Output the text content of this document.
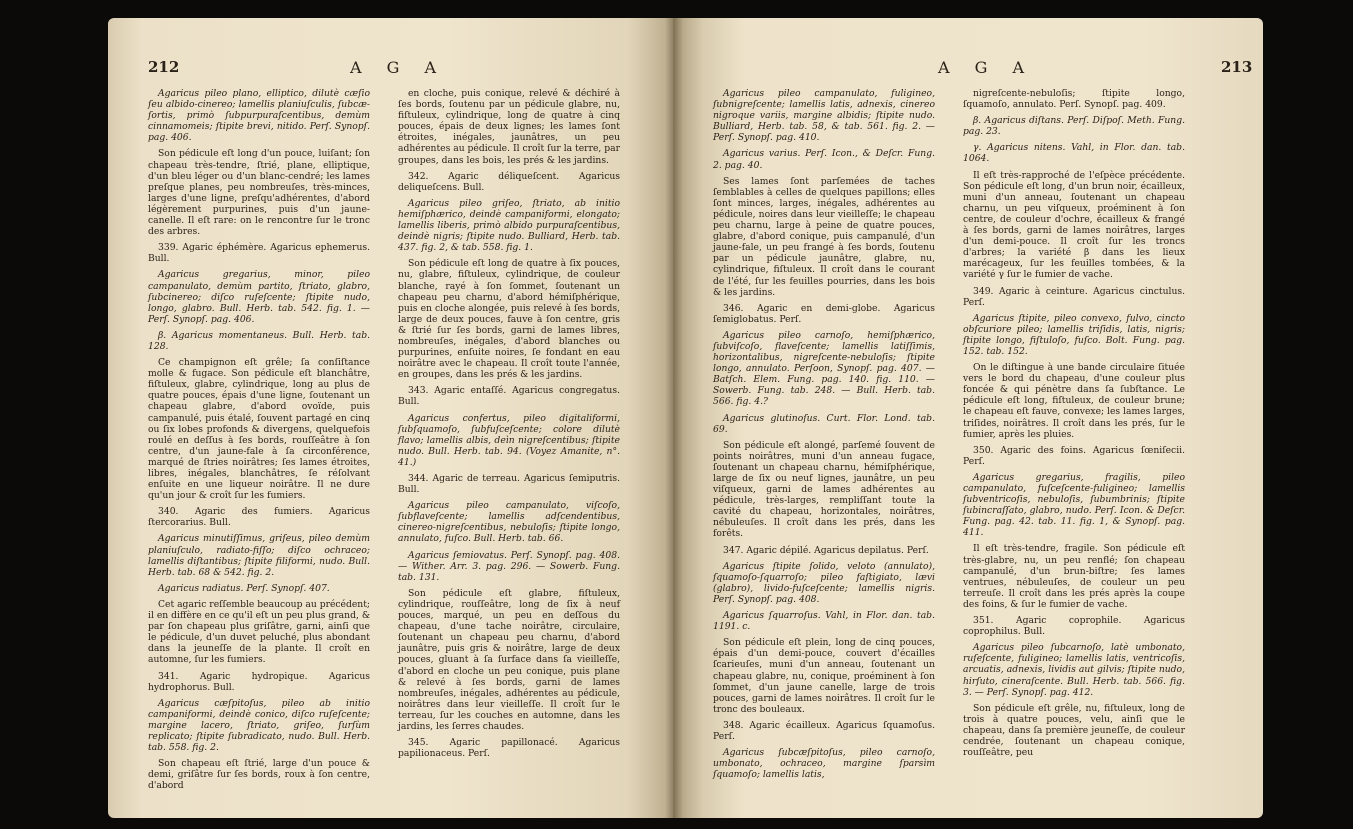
212	A G A

Agaricus pileo plano, elliptico, dilutè cæſio ſeu albido-cinereo; lamellis planiuſculis, ſubcæ-ſortis, primò ſubpurpuraſcentibus, demùm cinnamomeis; ſtipite brevi, nitido. Perſ. Synopſ. pag. 406.

Son pédicule eſt long d'un pouce, luiſant; ſon chapeau très-tendre, ſtrié, plane, elliptique, d'un bleu léger ou d'un blanc-cendré; les lames preſque planes, peu nombreuſes, très-minces, larges d'une ligne, preſqu'adhérentes, d'abord légèrement purpurines, puis d'un jaune-canelle. Il eſt rare: on le rencontre ſur le tronc des arbres.

339. Agaric éphémère. Agaricus ephemerus. Bull.

Agaricus gregarius, minor, pileo campanulato, demùm partito, ſtriato, glabro, ſubcinereo; diſco ruſeſcente; ſtipite nudo, longo, glabro. Bull. Herb. tab. 542. fig. 1. — Perſ. Synopſ. pag. 406.

β. Agaricus momentaneus. Bull. Herb. tab. 128.

Ce champignon eſt grêle; ſa conſiſtance molle & fugace. Son pédicule eſt blanchâtre, fiſtuleux, glabre, cylindrique, long au plus de quatre pouces, épais d'une ligne, ſoutenant un chapeau glabre, d'abord ovoïde, puis campanulé, puis étalé, ſouvent partagé en cinq ou ſix lobes profonds & divergens, quelquefois roulé en deſſus à ſes bords, rouſſeâtre à ſon centre, d'un jaune-fale à ſa circonférence, marqué de ſtries noirâtres; ſes lames étroites, libres, inégales, blanchâtres, ſe réſolvant enſuite en une liqueur noirâtre. Il ne dure qu'un jour & croît ſur les fumiers.

340. Agaric des fumiers. Agaricus ſtercorarius. Bull.

Agaricus minutiſſimus, griſeus, pileo demùm planiuſculo, radiato-fiſſo; diſco ochraceo; lamellis diſtantibus; ſtipite filiformi, nudo. Bull. Herb. tab. 68 & 542. fig. 2.

Agaricus radiatus. Perſ. Synopſ. 407.

Cet agaric reſſemble beaucoup au précédent; il en diffère en ce qu'il eſt un peu plus grand, & par ſon chapeau plus griſâtre, garni, ainſi que le pédicule, d'un duvet peluché, plus abondant dans la jeuneſſe de la plante. Il croît en automne, ſur les fumiers.

341. Agaric hydropique. Agaricus hydrophorus. Bull.

Agaricus cæſpitoſus, pileo ab initio campaniformi, deindè conico, diſco ruſeſcente; margine lacero, ſtriato, griſeo, ſurſùm replicato; ſtipite ſubradicato, nudo. Bull. Herb. tab. 558. fig. 2.

Son chapeau eſt ſtrié, large d'un pouce & demi, griſâtre ſur ſes bords, roux à ſon centre, d'abord

en cloche, puis conique, relevé & déchiré à ſes bords, ſoutenu par un pédicule glabre, nu, fiſtuleux, cylindrique, long de quatre à cinq pouces, épais de deux lignes; les lames ſont étroites, inégales, jaunâtres, un peu adhérentes au pédicule. Il croît ſur la terre, par groupes, dans les bois, les prés & les jardins.

342. Agaric déliqueſcent. Agaricus deliqueſcens. Bull.

Agaricus pileo griſeo, ſtriato, ab initio hemiſphærico, deindè campaniformi, elongato; lamellis liberis, primò albido purpuraſcentibus, deindè nigris; ſtipite nudo. Bulliard, Herb. tab. 437. fig. 2, & tab. 558. fig. 1.

Son pédicule eſt long de quatre à ſix pouces, nu, glabre, fiſtuleux, cylindrique, de couleur blanche, rayé à ſon ſommet, ſoutenant un chapeau peu charnu, d'abord hémiſphérique, puis en cloche alongée, puis relevé à ſes bords, large de deux pouces, fauve à ſon centre, gris & ſtrié ſur ſes bords, garni de lames libres, nombreuſes, inégales, d'abord blanches ou purpurines, enſuite noires, ſe fondant en eau noirâtre avec le chapeau. Il croît toute l'année, en groupes, dans les prés & les jardins.

343. Agaric entaſſé. Agaricus congregatus. Bull.

Agaricus confertus, pileo digitaliformi, ſubſquamoſo, ſubfuſceſcente; colore dilutè flavo; lamellis albis, deìn nigreſcentibus; ſtipite nudo. Bull. Herb. tab. 94. (Voyez Amanite, n°. 41.)

344. Agaric de terreau. Agaricus ſemiputris. Bull.

Agaricus pileo campanulato, viſcoſo, ſubflaveſcente; lamellis adſcendentibus, cinereo-nigreſcentibus, nebuloſis; ſtipite longo, annulato, fuſco. Bull. Herb. tab. 66.

Agaricus ſemiovatus. Perſ. Synopſ. pag. 408. — Wither. Arr. 3. pag. 296. — Sowerb. Fung. tab. 131.

Son pédicule eſt glabre, fiſtuleux, cylindrique, rouſſeâtre, long de ſix à neuf pouces, marqué, un peu en deſſous du chapeau, d'une tache noirâtre, circulaire, ſoutenant un chapeau peu charnu, d'abord jaunâtre, puis gris & noirâtre, large de deux pouces, gluant à ſa ſurface dans ſa vieilleſſe, d'abord en cloche un peu conique, puis plane & relevé à ſes bords, garni de lames nombreuſes, inégales, adhérentes au pédicule, noirâtres dans leur vieilleſſe. Il croît ſur le terreau, ſur les couches en automne, dans les jardins, les ſerres chaudes.

345. Agaric papillonacé. Agaricus papilionaceus. Perſ.

A G A	213

Agaricus pileo campanulato, fuligineo, ſubnigreſcente; lamellis latis, adnexis, cinereo nigroque variis, margine albidis; ſtipite nudo. Bulliard, Herb. tab. 58, & tab. 561. fig. 2. — Perſ. Synopſ. pag. 410.

Agaricus varius. Perſ. Icon., & Deſcr. Fung. 2. pag. 40.

Ses lames ſont parſemées de taches ſemblables à celles de quelques papillons; elles ſont minces, larges, inégales, adhérentes au pédicule, noires dans leur vieilleſſe; le chapeau peu charnu, large à peine de quatre pouces, glabre, d'abord conique, puis campanulé, d'un jaune-fale, un peu frangé à ſes bords, ſoutenu par un pédicule jaunâtre, glabre, nu, cylindrique, fiſtuleux. Il croît dans le courant de l'été, ſur les feuilles pourries, dans les bois & les jardins.

346. Agaric en demi-globe. Agaricus ſemiglobatus. Perſ.

Agaricus pileo carnoſo, hemiſphærico, ſubviſcoſo, flaveſcente; lamellis latiſſimis, horizontalibus, nigreſcente-nebuloſis; ſtipite longo, annulato. Perſoon, Synopſ. pag. 407. — Batſch. Elem. Fung. pag. 140. fig. 110. — Sowerb. Fung. tab. 248. — Bull. Herb. tab. 566. fig. 4.?

Agaricus glutinoſus. Curt. Flor. Lond. tab. 69.

Son pédicule eſt alongé, parſemé ſouvent de points noirâtres, muni d'un anneau fugace, ſoutenant un chapeau charnu, hémiſphérique, large de ſix ou neuf lignes, jaunâtre, un peu viſqueux, garni de lames adhérentes au pédicule, très-larges, rempliſſant toute la cavité du chapeau, horizontales, noirâtres, nébuleuſes. Il croît dans les prés, dans les forêts.

347. Agaric dépilé. Agaricus depilatus. Perſ.

Agaricus ſtipite ſolido, veloto (annulato), ſquamoſo-ſquarroſo; pileo faſtigiato, lævi (glabro), livido-fuſceſcente; lamellis nigris. Perſ. Synopſ. pag. 408.

Agaricus ſquarroſus. Vahl, in Flor. dan. tab. 1191. c.

Son pédicule eſt plein, long de cinq pouces, épais d'un demi-pouce, couvert d'écailles ſcarieuſes, muni d'un anneau, ſoutenant un chapeau glabre, nu, conique, proéminent à ſon ſommet, d'un jaune canelle, large de trois pouces, garni de lames noirâtres. Il croît ſur le tronc des bouleaux.

348. Agaric écailleux. Agaricus ſquamoſus. Perſ.

Agaricus ſubcæſpitoſus, pileo carnoſo, umbonato, ochraceo, margine ſparsìm ſquamoſo; lamellis latis,

nigreſcente-nebuloſis; ſtipite longo, ſquamoſo, annulato. Perſ. Synopſ. pag. 409.

β. Agaricus diſtans. Perſ. Diſpoſ. Meth. Fung. pag. 23.

γ. Agaricus nitens. Vahl, in Flor. dan. tab. 1064.

Il eſt très-rapproché de l'eſpèce précédente. Son pédicule eſt long, d'un brun noir, écailleux, muni d'un anneau, ſoutenant un chapeau charnu, un peu viſqueux, proéminent à ſon centre, de couleur d'ochre, écailleux & frangé à ſes bords, garni de lames noirâtres, larges d'un demi-pouce. Il croît ſur les troncs d'arbres; la variété β dans les lieux marécageux, ſur les feuilles tombées, & la variété γ ſur le fumier de vache.

349. Agaric à ceinture. Agaricus cinctulus. Perſ.

Agaricus ſtipite, pileo convexo, fulvo, cincto obſcuriore pileo; lamellis triſidis, latis, nigris; ſtipite longo, fiſtuloſo, fuſco. Bolt. Fung. pag. 152. tab. 152.

On le diſtingue à une bande circulaire ſituée vers le bord du chapeau, d'une couleur plus foncée & qui pénètre dans ſa ſubſtance. Le pédicule eſt long, fiſtuleux, de couleur brune; le chapeau eſt fauve, convexe; les lames larges, triſides, noirâtres. Il croît dans les prés, ſur le fumier, après les pluies.

350. Agaric des foins. Agaricus ſœniſecii. Perſ.

Agaricus gregarius, fragilis, pileo campanulato, fuſceſcente-fuligineo; lamellis ſubventricoſis, nebuloſis, ſubumbrinis; ſtipite ſubincraſſato, glabro, nudo. Perſ. Icon. & Deſcr. Fung. pag. 42. tab. 11. fig. 1, & Synopſ. pag. 411.

Il eſt très-tendre, fragile. Son pédicule eſt très-glabre, nu, un peu renflé; ſon chapeau campanulé, d'un brun-biſtre; ſes lames ventrues, nébuleuſes, de couleur un peu terreuſe. Il croît dans les prés après la coupe des foins, & ſur le fumier de vache.

351. Agaric coprophile. Agaricus coprophilus. Bull.

Agaricus pileo ſubcarnoſo, latè umbonato, ruſeſcente, fuligineo; lamellis latis, ventricoſis, arcuatis, adnexis, lividis aut gilvis; ſtipite nudo, hirſuto, cineraſcente. Bull. Herb. tab. 566. fig. 3. — Perſ. Synopſ. pag. 412.

Son pédicule eſt grêle, nu, fiſtuleux, long de trois à quatre pouces, velu, ainſi que le chapeau, dans ſa première jeuneſſe, de couleur cendrée, ſoutenant un chapeau conique, rouſſeâtre, peu
